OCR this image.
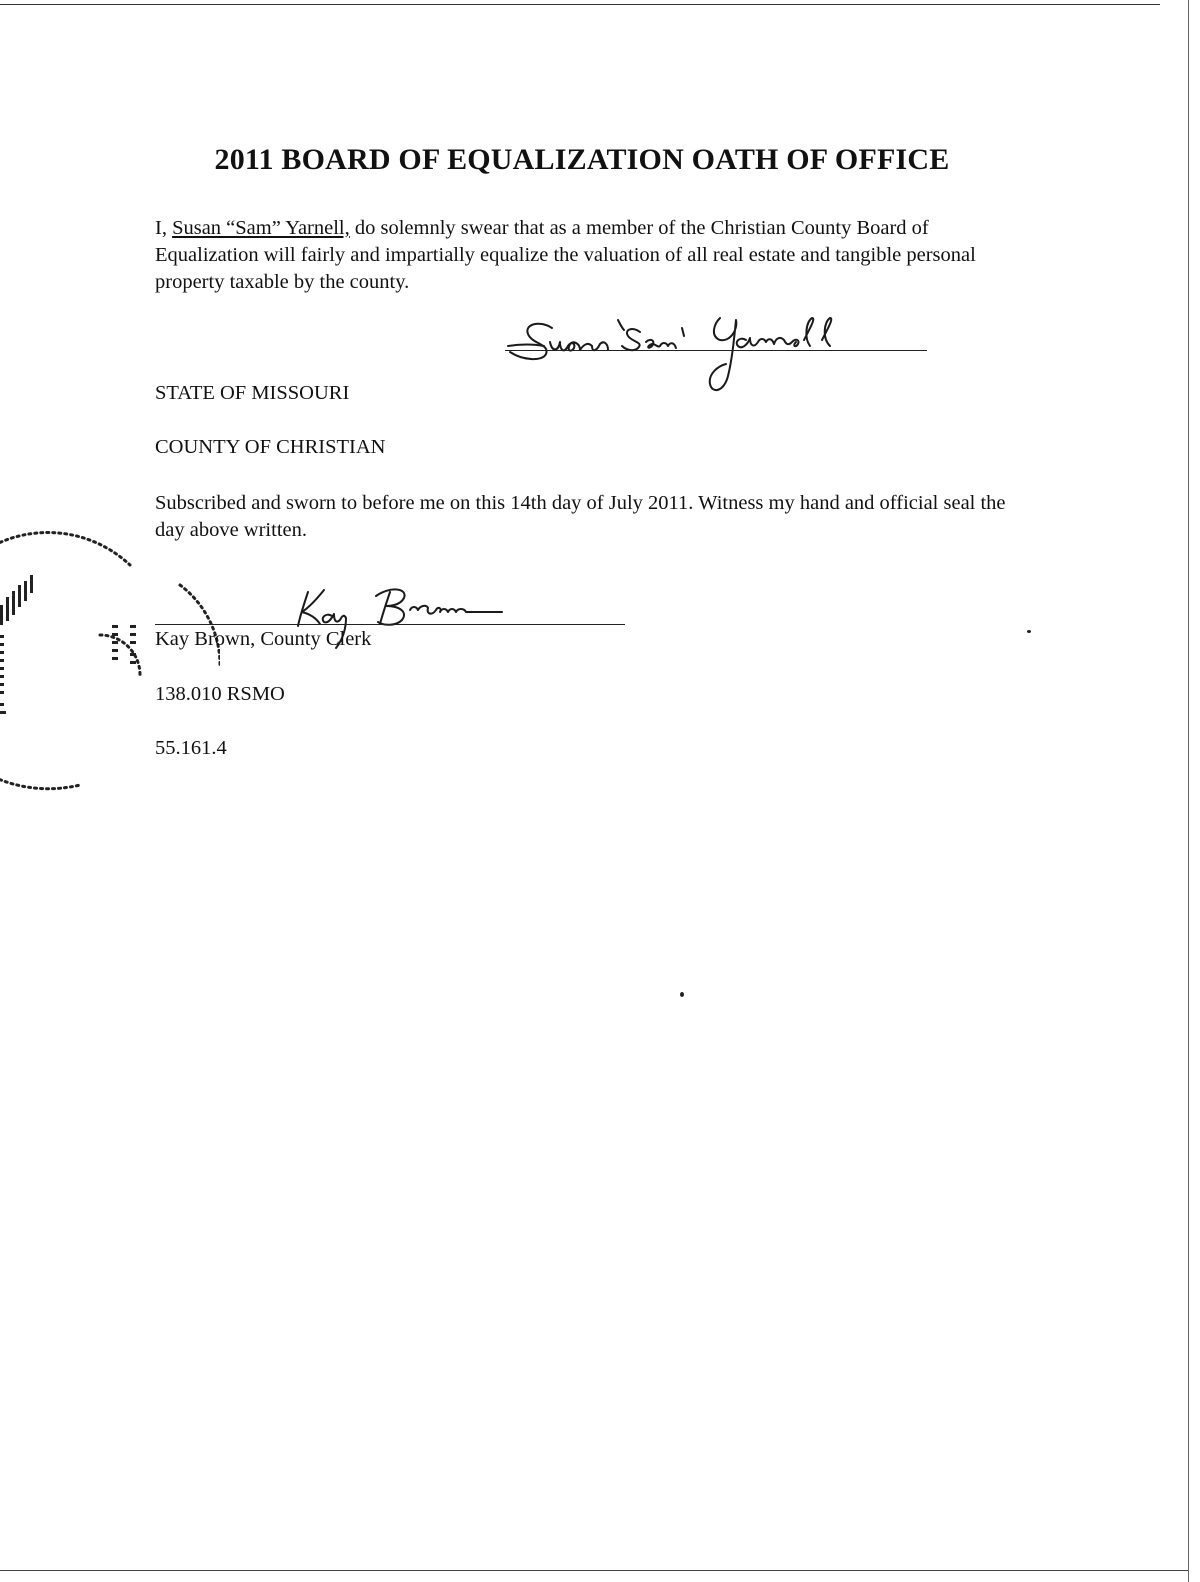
2011 BOARD OF EQUALIZATION OATH OF OFFICE
I, Susan “Sam” Yarnell, do solemnly swear that as a member of the Christian County Board of Equalization will fairly and impartially equalize the valuation of all real estate and tangible personal property taxable by the county.
STATE OF MISSOURI
COUNTY OF CHRISTIAN
Subscribed and sworn to before me on this 14th day of July 2011. Witness my hand and official seal the day above written.
Kay Brown, County Clerk
138.010 RSMO
55.161.4
